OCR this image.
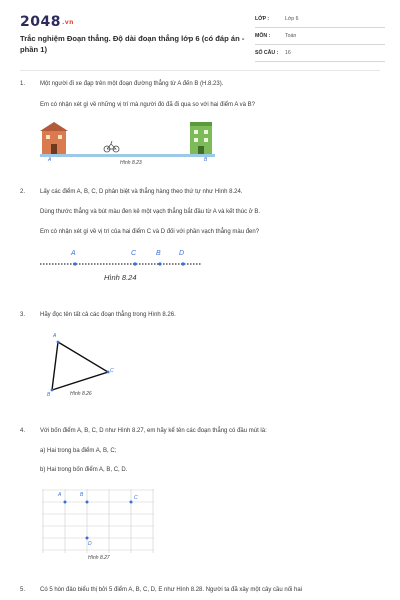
2048.vn
Trắc nghiệm Đoạn thẳng. Độ dài đoạn thẳng lớp 6 (có đáp án - phần 1)
LỚP :	Lớp 6
MÔN :	Toán
SỐ CÂU : 16
1. Một người đi xe đạp trên một đoạn đường thẳng từ A đến B (H.8.23).
Em có nhận xét gì về những vị trí mà người đó đã đi qua so với hai điểm A và B?
A	B
Hình 8.23
2. Lấy các điểm A, B, C, D phân biệt và thẳng hàng theo thứ tự như Hình 8.24.
Dùng thước thẳng và bút màu đen kẻ một vạch thẳng bắt đầu từ A và kết thúc ở B.
Em có nhận xét gì về vị trí của hai điểm C và D đối với phần vạch thẳng màu đen?
A	C	B	D
Hình 8.24
3. Hãy đọc tên tất cả các đoạn thẳng trong Hình 8.26.
A
C
B	Hình 8.26
4. Với bốn điểm A, B, C, D như Hình 8.27, em hãy kể tên các đoạn thẳng có đầu mút là:
a) Hai trong ba điểm A, B, C;
b) Hai trong bốn điểm A, B, C, D.
A	B	C
D
Hình 8.27
5. Có 5 hòn đảo biểu thị bởi 5 điểm A, B, C, D, E như Hình 8.28. Người ta đã xây một cây cầu nối hai
